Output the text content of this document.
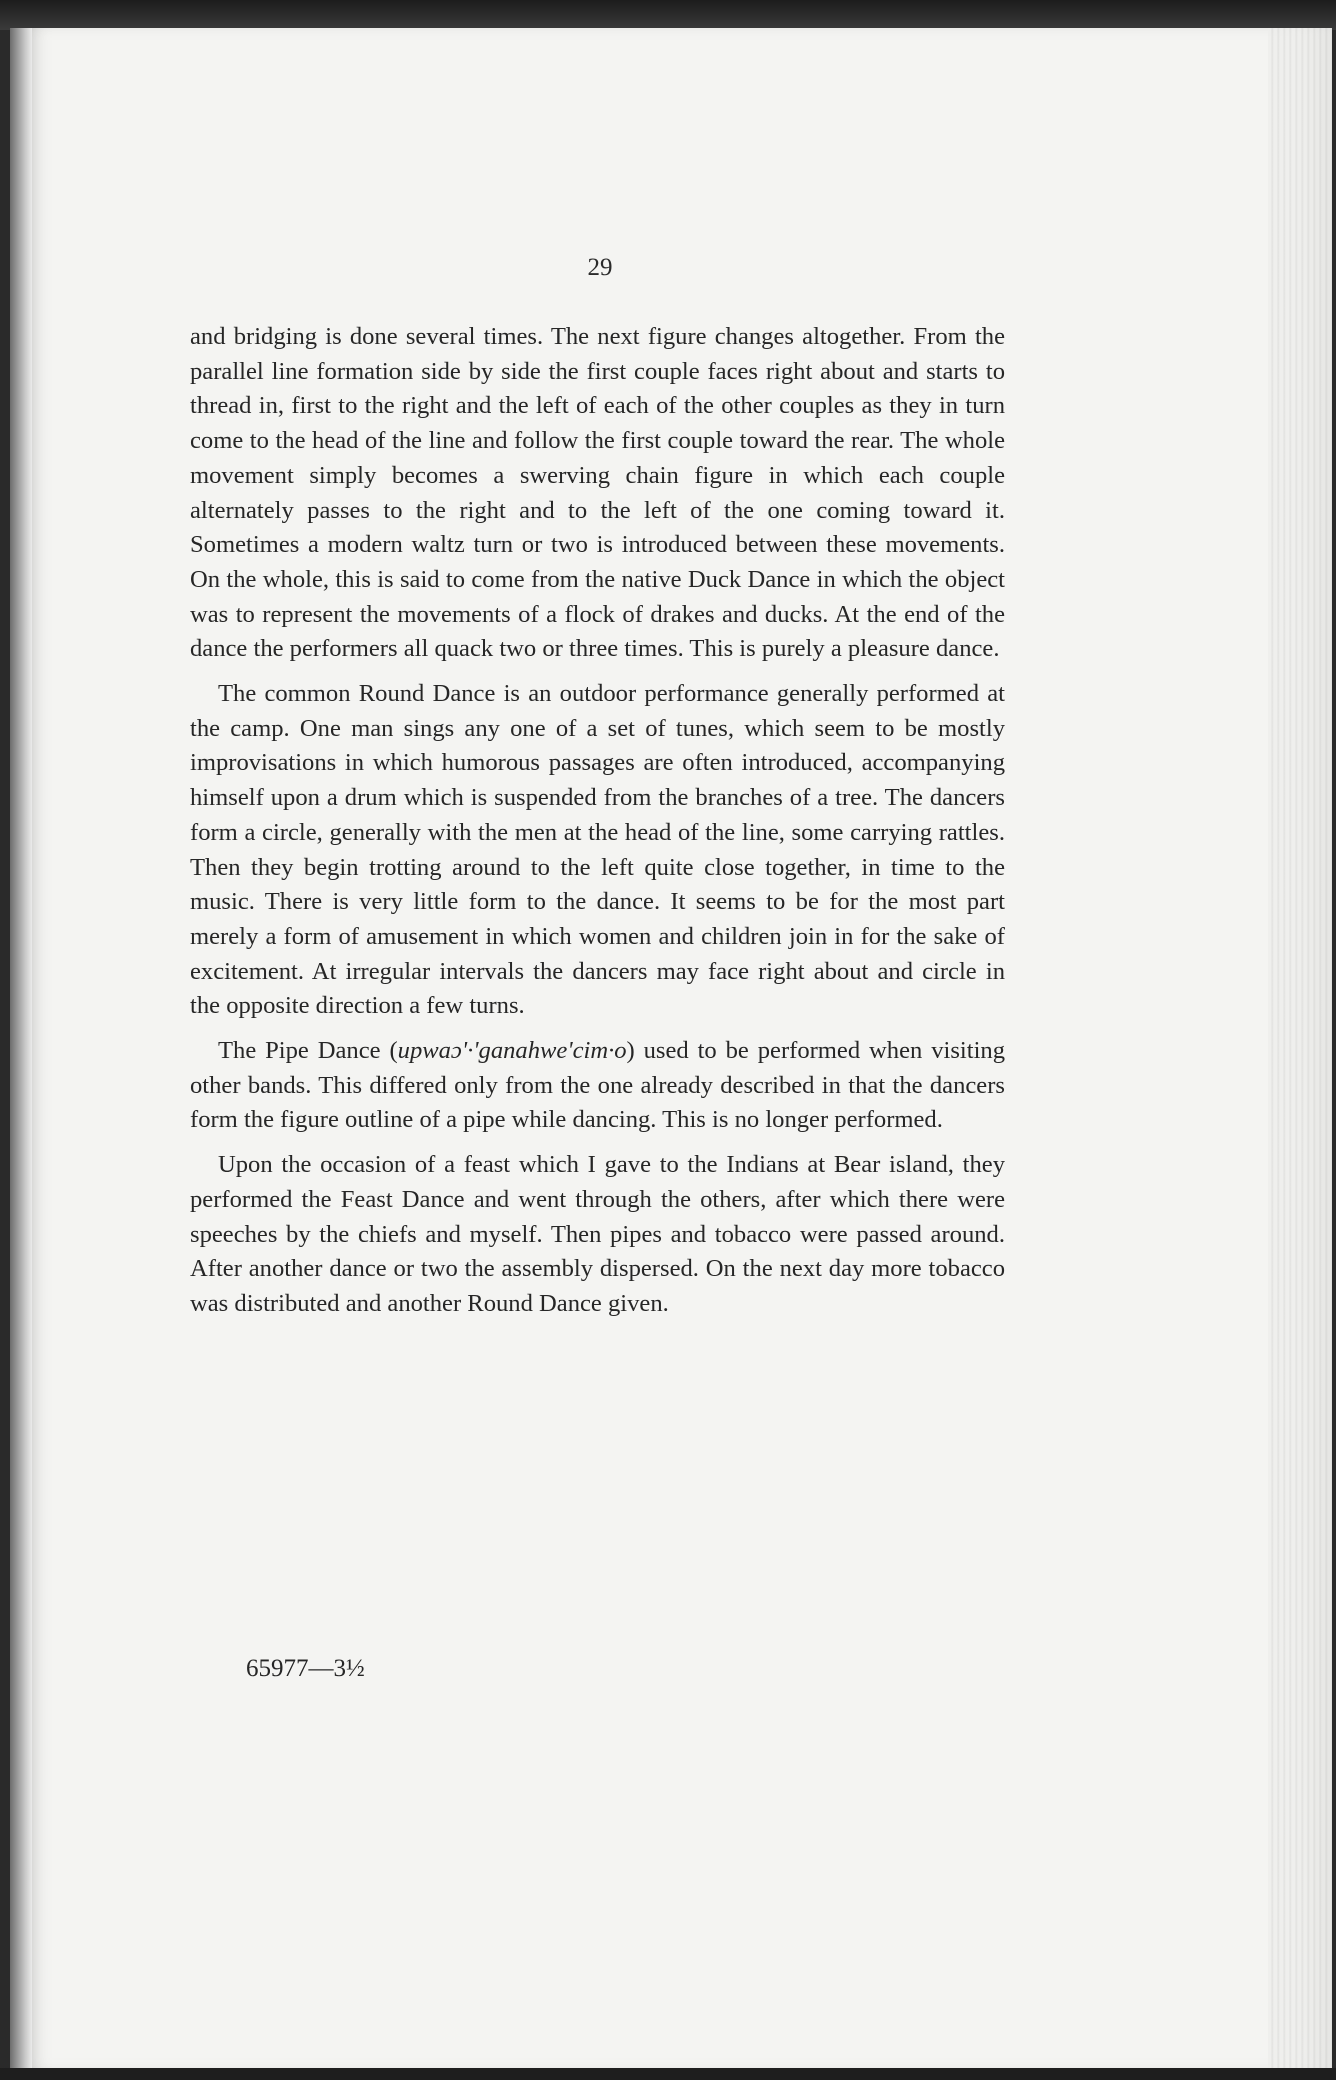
29

and bridging is done several times. The next figure changes altogether. From the parallel line formation side by side the first couple faces right about and starts to thread in, first to the right and the left of each of the other couples as they in turn come to the head of the line and follow the first couple toward the rear. The whole movement simply becomes a swerving chain figure in which each couple alternately passes to the right and to the left of the one coming toward it. Sometimes a modern waltz turn or two is introduced between these movements. On the whole, this is said to come from the native Duck Dance in which the object was to represent the movements of a flock of drakes and ducks. At the end of the dance the performers all quack two or three times. This is purely a pleasure dance.

The common Round Dance is an outdoor performance generally performed at the camp. One man sings any one of a set of tunes, which seem to be mostly improvisations in which humorous passages are often introduced, accompanying himself upon a drum which is suspended from the branches of a tree. The dancers form a circle, generally with the men at the head of the line, some carrying rattles. Then they begin trotting around to the left quite close together, in time to the music. There is very little form to the dance. It seems to be for the most part merely a form of amusement in which women and children join in for the sake of excitement. At irregular intervals the dancers may face right about and circle in the opposite direction a few turns.

The Pipe Dance (upwaɔ'·'ganahwe'cim·o) used to be performed when visiting other bands. This differed only from the one already described in that the dancers form the figure outline of a pipe while dancing. This is no longer performed.

Upon the occasion of a feast which I gave to the Indians at Bear island, they performed the Feast Dance and went through the others, after which there were speeches by the chiefs and myself. Then pipes and tobacco were passed around. After another dance or two the assembly dispersed. On the next day more tobacco was distributed and another Round Dance given.

65977—3½
